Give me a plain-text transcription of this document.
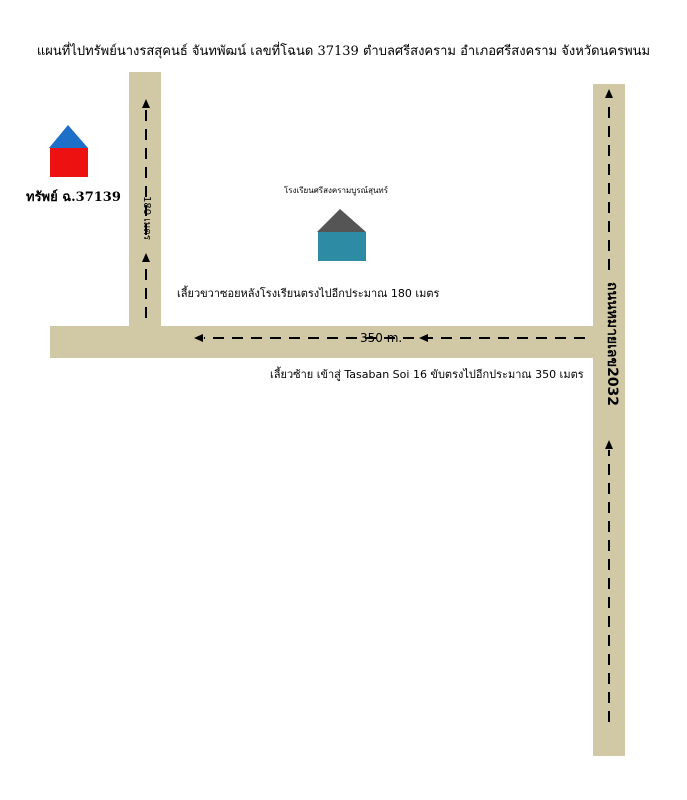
แผนที่ไปทรัพย์นางรสสุคนธ์ จันทพัฒน์ เลขที่โฉนด 37139 ตำบลศรีสงคราม อำเภอศรีสงคราม จังหวัดนครพนม
ทรัพย์ ฉ.37139	โรงเรียนศรีสงครามบูรณ์สุนทร์
เลี้ยวขวาซอยหลังโรงเรียนตรงไปอีกประมาณ 180 เมตร
เลี้ยวซ้าย เข้าสู่ Tasaban Soi 16 ขับตรงไปอีกประมาณ 350 เมตร
350 m.
180 เมตร
ถนนหมายเลข2032
